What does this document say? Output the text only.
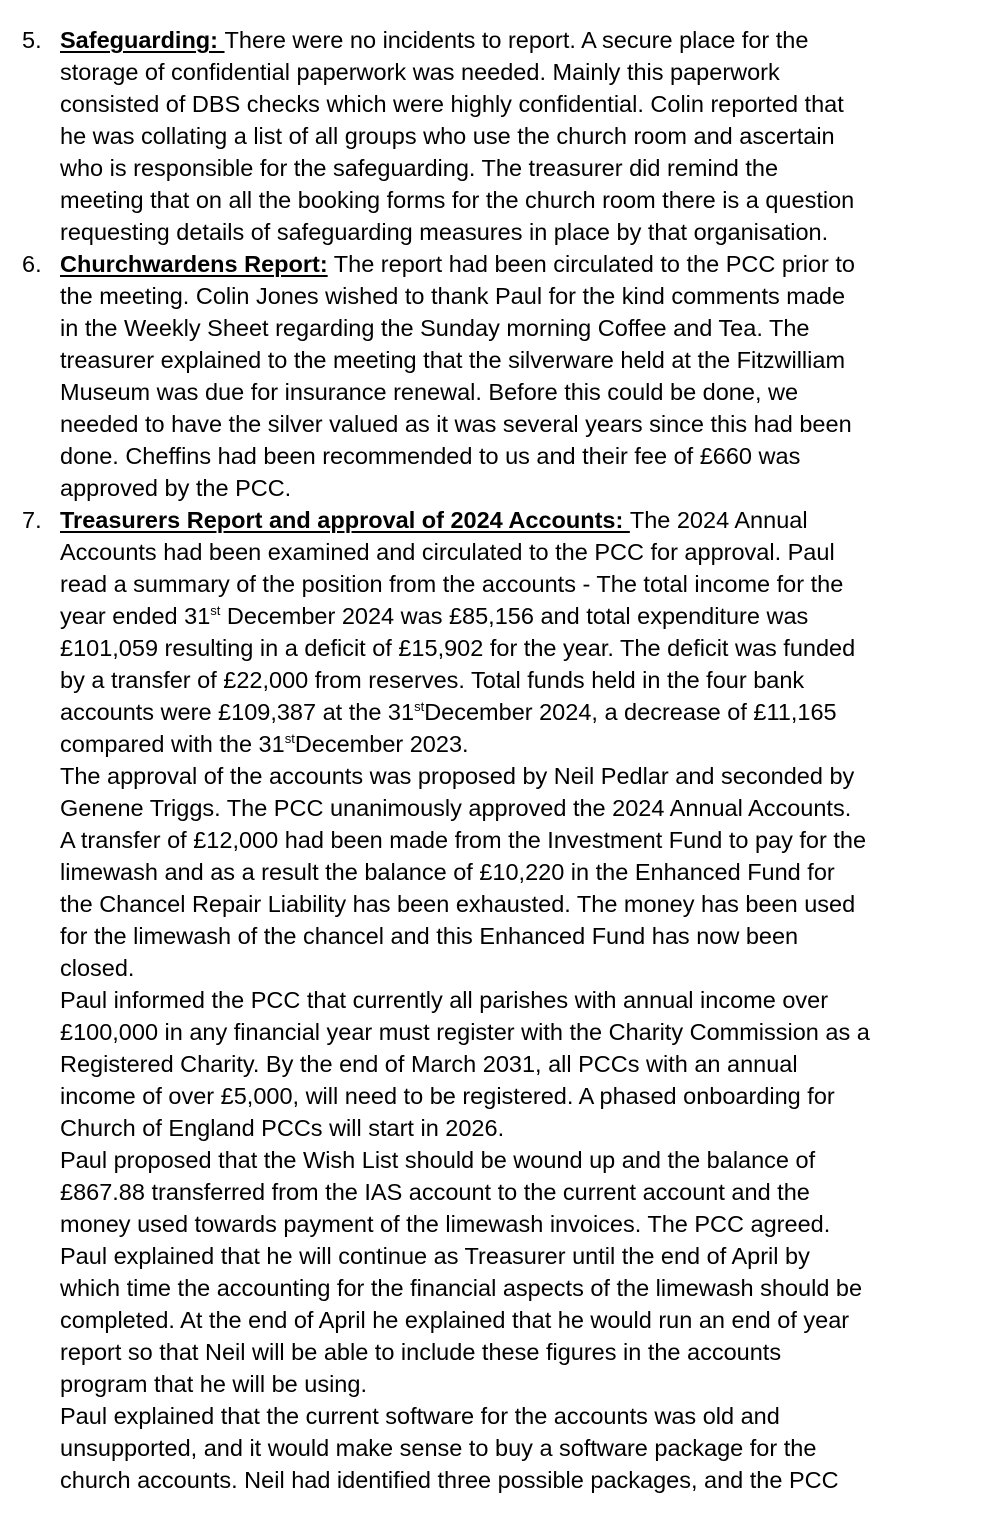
5. Safeguarding: There were no incidents to report. A secure place for the
storage of confidential paperwork was needed. Mainly this paperwork
consisted of DBS checks which were highly confidential. Colin reported that
he was collating a list of all groups who use the church room and ascertain
who is responsible for the safeguarding. The treasurer did remind the
meeting that on all the booking forms for the church room there is a question
requesting details of safeguarding measures in place by that organisation.
6. Churchwardens Report: The report had been circulated to the PCC prior to
the meeting. Colin Jones wished to thank Paul for the kind comments made
in the Weekly Sheet regarding the Sunday morning Coffee and Tea. The
treasurer explained to the meeting that the silverware held at the Fitzwilliam
Museum was due for insurance renewal. Before this could be done, we
needed to have the silver valued as it was several years since this had been
done. Cheffins had been recommended to us and their fee of £660 was
approved by the PCC.
7. Treasurers Report and approval of 2024 Accounts: The 2024 Annual
Accounts had been examined and circulated to the PCC for approval. Paul
read a summary of the position from the accounts - The total income for the
year ended 31st December 2024 was £85,156 and total expenditure was
£101,059 resulting in a deficit of £15,902 for the year. The deficit was funded
by a transfer of £22,000 from reserves. Total funds held in the four bank
accounts were £109,387 at the 31stDecember 2024, a decrease of £11,165
compared with the 31stDecember 2023.
The approval of the accounts was proposed by Neil Pedlar and seconded by
Genene Triggs. The PCC unanimously approved the 2024 Annual Accounts.
A transfer of £12,000 had been made from the Investment Fund to pay for the
limewash and as a result the balance of £10,220 in the Enhanced Fund for
the Chancel Repair Liability has been exhausted. The money has been used
for the limewash of the chancel and this Enhanced Fund has now been
closed.
Paul informed the PCC that currently all parishes with annual income over
£100,000 in any financial year must register with the Charity Commission as a
Registered Charity. By the end of March 2031, all PCCs with an annual
income of over £5,000, will need to be registered. A phased onboarding for
Church of England PCCs will start in 2026.
Paul proposed that the Wish List should be wound up and the balance of
£867.88 transferred from the IAS account to the current account and the
money used towards payment of the limewash invoices. The PCC agreed.
Paul explained that he will continue as Treasurer until the end of April by
which time the accounting for the financial aspects of the limewash should be
completed. At the end of April he explained that he would run an end of year
report so that Neil will be able to include these figures in the accounts
program that he will be using.
Paul explained that the current software for the accounts was old and
unsupported, and it would make sense to buy a software package for the
church accounts. Neil had identified three possible packages, and the PCC
